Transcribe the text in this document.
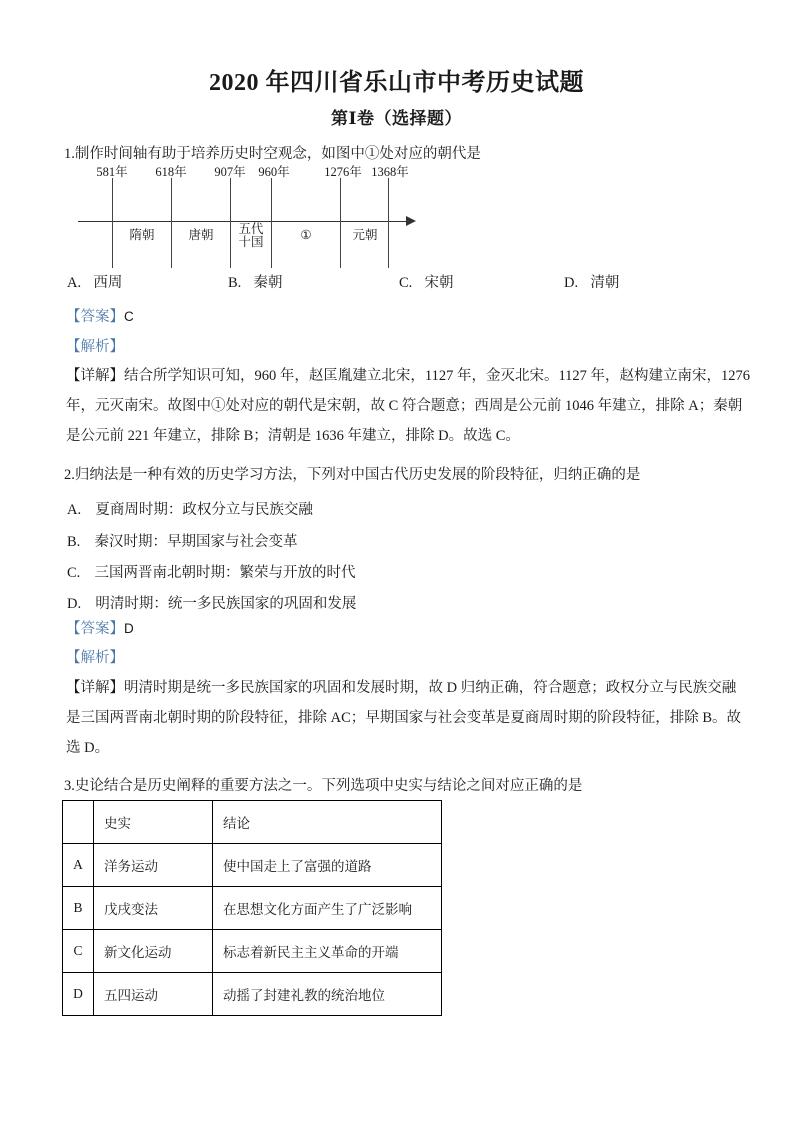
2020 年四川省乐山市中考历史试题
第Ⅰ卷（选择题）
1.制作时间轴有助于培养历史时空观念，如图中①处对应的朝代是
581年 618年 907年 960年	1276年 1368年
隋朝	唐朝 五代
十国	①	元朝
A. 西周	B. 秦朝	C. 宋朝	D. 清朝
【答案】C
【解析】
【详解】结合所学知识可知，960 年，赵匡胤建立北宋，1127 年，金灭北宋。1127 年，赵构建立南宋，1276
年，元灭南宋。故图中①处对应的朝代是宋朝，故 C 符合题意；西周是公元前 1046 年建立，排除 A；秦朝
是公元前 221 年建立，排除 B；清朝是 1636 年建立，排除 D。故选 C。
2.归纳法是一种有效的历史学习方法，下列对中国古代历史发展的阶段特征，归纳正确的是
A. 夏商周时期：政权分立与民族交融
B. 秦汉时期：早期国家与社会变革
C. 三国两晋南北朝时期：繁荣与开放的时代
D. 明清时期：统一多民族国家的巩固和发展
【答案】D
【解析】
【详解】明清时期是统一多民族国家的巩固和发展时期，故 D 归纳正确，符合题意；政权分立与民族交融
是三国两晋南北朝时期的阶段特征，排除 AC；早期国家与社会变革是夏商周时期的阶段特征，排除 B。故
选 D。
3.史论结合是历史阐释的重要方法之一。下列选项中史实与结论之间对应正确的是
	史实	结论
A	洋务运动	使中国走上了富强的道路
B	戊戌变法	在思想文化方面产生了广泛影响
C	新文化运动	标志着新民主主义革命的开端
D	五四运动	动摇了封建礼教的统治地位
